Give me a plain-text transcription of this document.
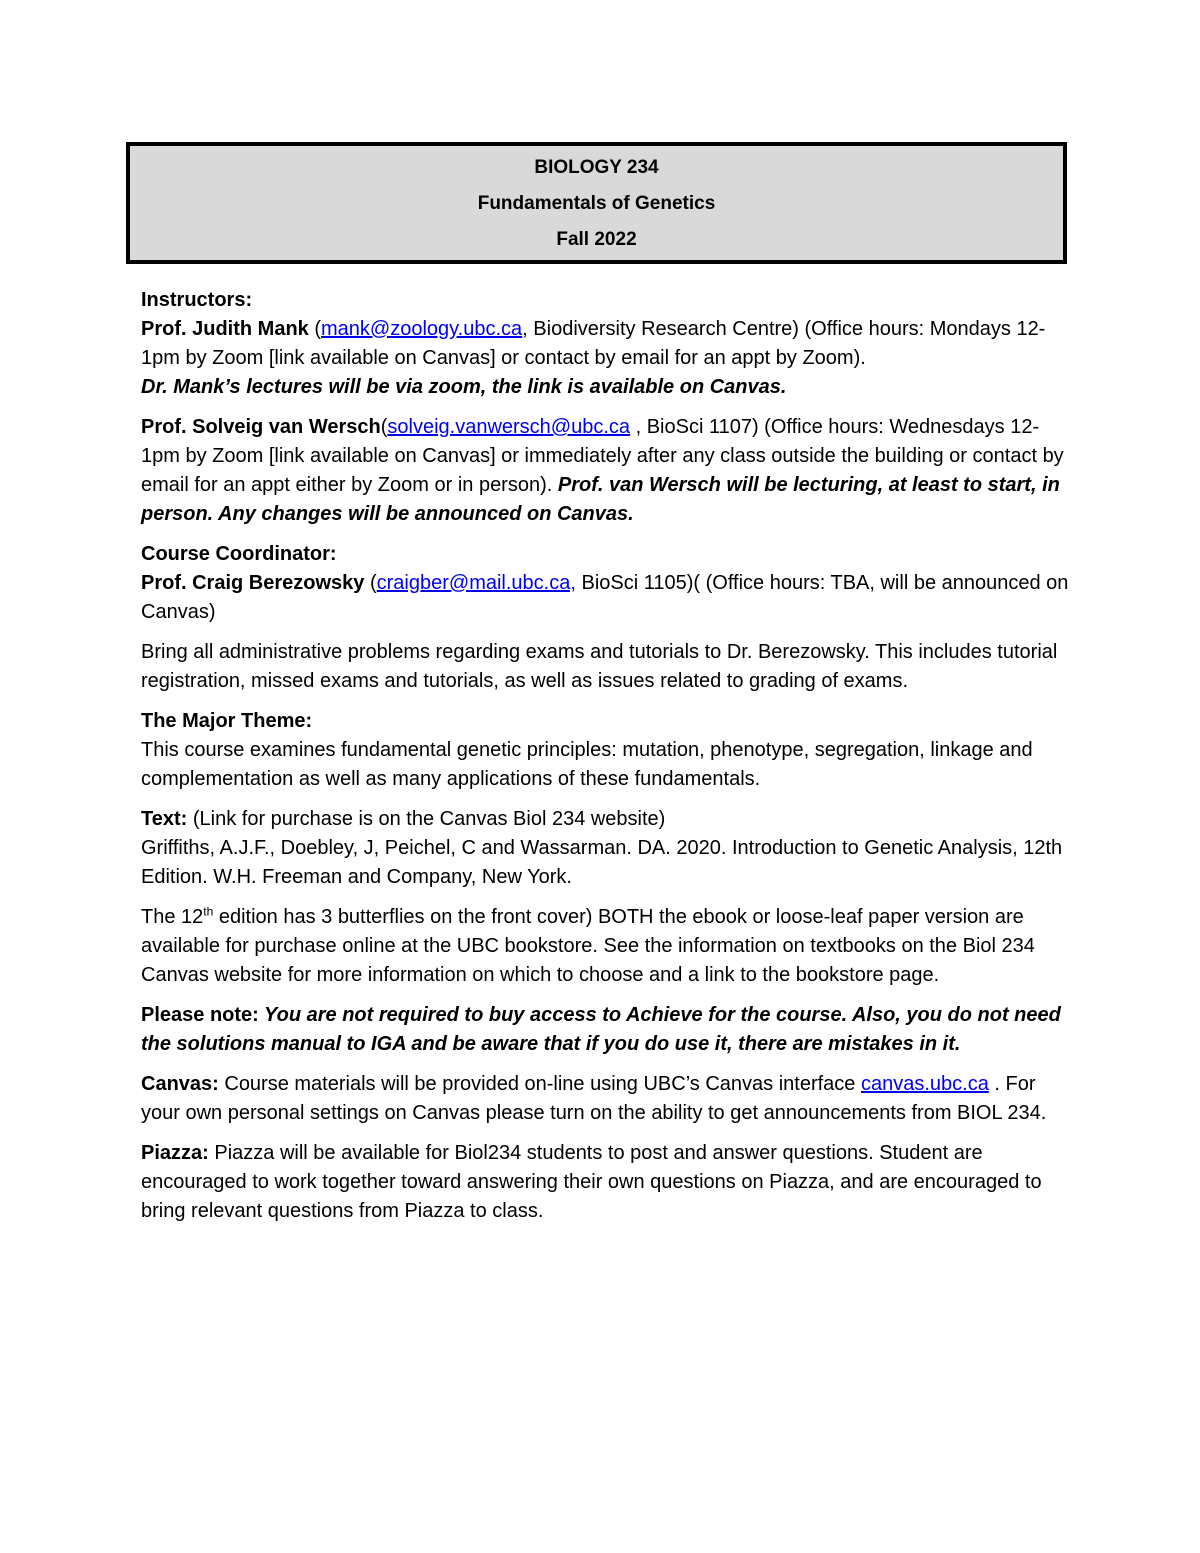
BIOLOGY 234
Fundamentals of Genetics
Fall 2022

Instructors:
Prof. Judith Mank (mank@zoology.ubc.ca, Biodiversity Research Centre) (Office hours: Mondays 12-1pm by Zoom [link available on Canvas] or contact by email for an appt by Zoom).
Dr. Mank’s lectures will be via zoom, the link is available on Canvas.

Prof. Solveig van Wersch(solveig.vanwersch@ubc.ca , BioSci 1107) (Office hours: Wednesdays 12-1pm by Zoom [link available on Canvas] or immediately after any class outside the building or contact by email for an appt either by Zoom or in person). Prof. van Wersch will be lecturing, at least to start, in person. Any changes will be announced on Canvas.

Course Coordinator:
Prof. Craig Berezowsky (craigber@mail.ubc.ca, BioSci 1105)( (Office hours: TBA, will be announced on Canvas)

Bring all administrative problems regarding exams and tutorials to Dr. Berezowsky. This includes tutorial registration, missed exams and tutorials, as well as issues related to grading of exams.

The Major Theme:
This course examines fundamental genetic principles: mutation, phenotype, segregation, linkage and complementation as well as many applications of these fundamentals.

Text: (Link for purchase is on the Canvas Biol 234 website)
Griffiths, A.J.F., Doebley, J, Peichel, C and Wassarman. DA. 2020. Introduction to Genetic Analysis, 12th Edition. W.H. Freeman and Company, New York.

The 12th edition has 3 butterflies on the front cover) BOTH the ebook or loose-leaf paper version are available for purchase online at the UBC bookstore. See the information on textbooks on the Biol 234 Canvas website for more information on which to choose and a link to the bookstore page.

Please note: You are not required to buy access to Achieve for the course. Also, you do not need the solutions manual to IGA and be aware that if you do use it, there are mistakes in it.

Canvas: Course materials will be provided on-line using UBC’s Canvas interface canvas.ubc.ca . For your own personal settings on Canvas please turn on the ability to get announcements from BIOL 234.

Piazza: Piazza will be available for Biol234 students to post and answer questions. Student are encouraged to work together toward answering their own questions on Piazza, and are encouraged to bring relevant questions from Piazza to class.
